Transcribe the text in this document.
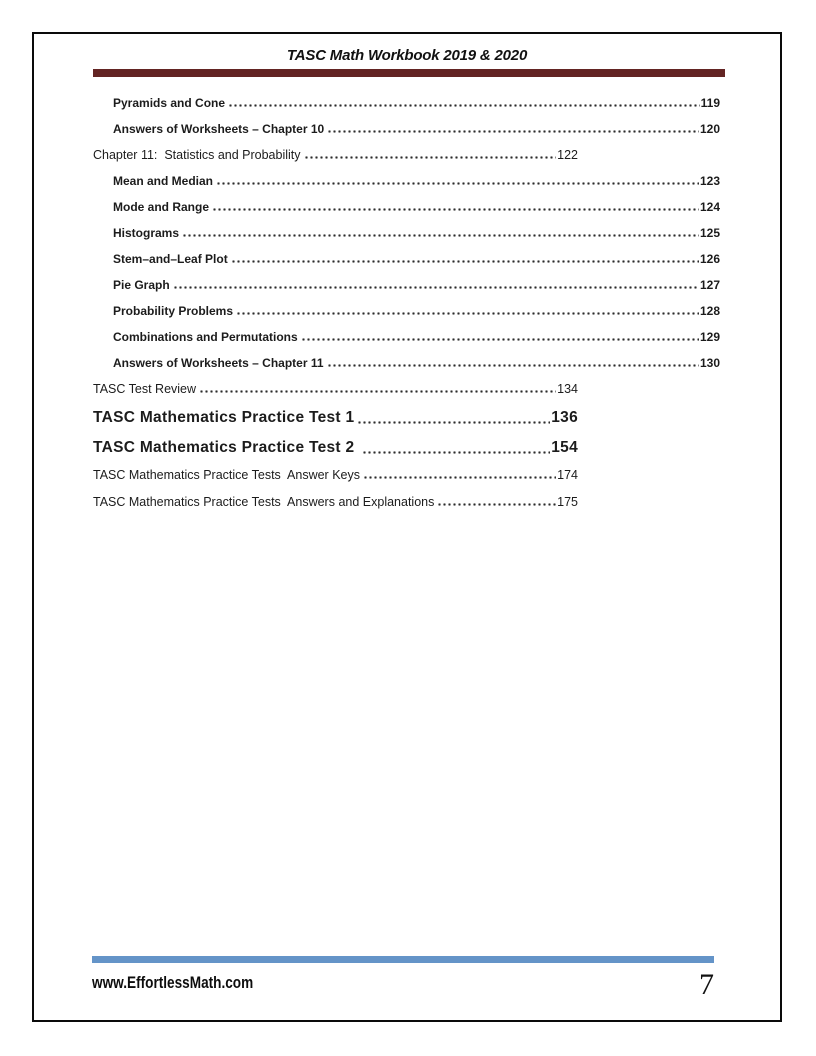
TASC Math Workbook 2019 & 2020
Pyramids and Cone	119
Answers of Worksheets – Chapter 10	120
Chapter 11:  Statistics and Probability	122
Mean and Median	123
Mode and Range	124
Histograms	125
Stem–and–Leaf Plot	126
Pie Graph	127
Probability Problems	128
Combinations and Permutations	129
Answers of Worksheets – Chapter 11	130
TASC Test Review	134
TASC Mathematics Practice Test 1	136
TASC Mathematics Practice Test 2	154
TASC Mathematics Practice Tests  Answer Keys	174
TASC Mathematics Practice Tests  Answers and Explanations	175
www.EffortlessMath.com	7
